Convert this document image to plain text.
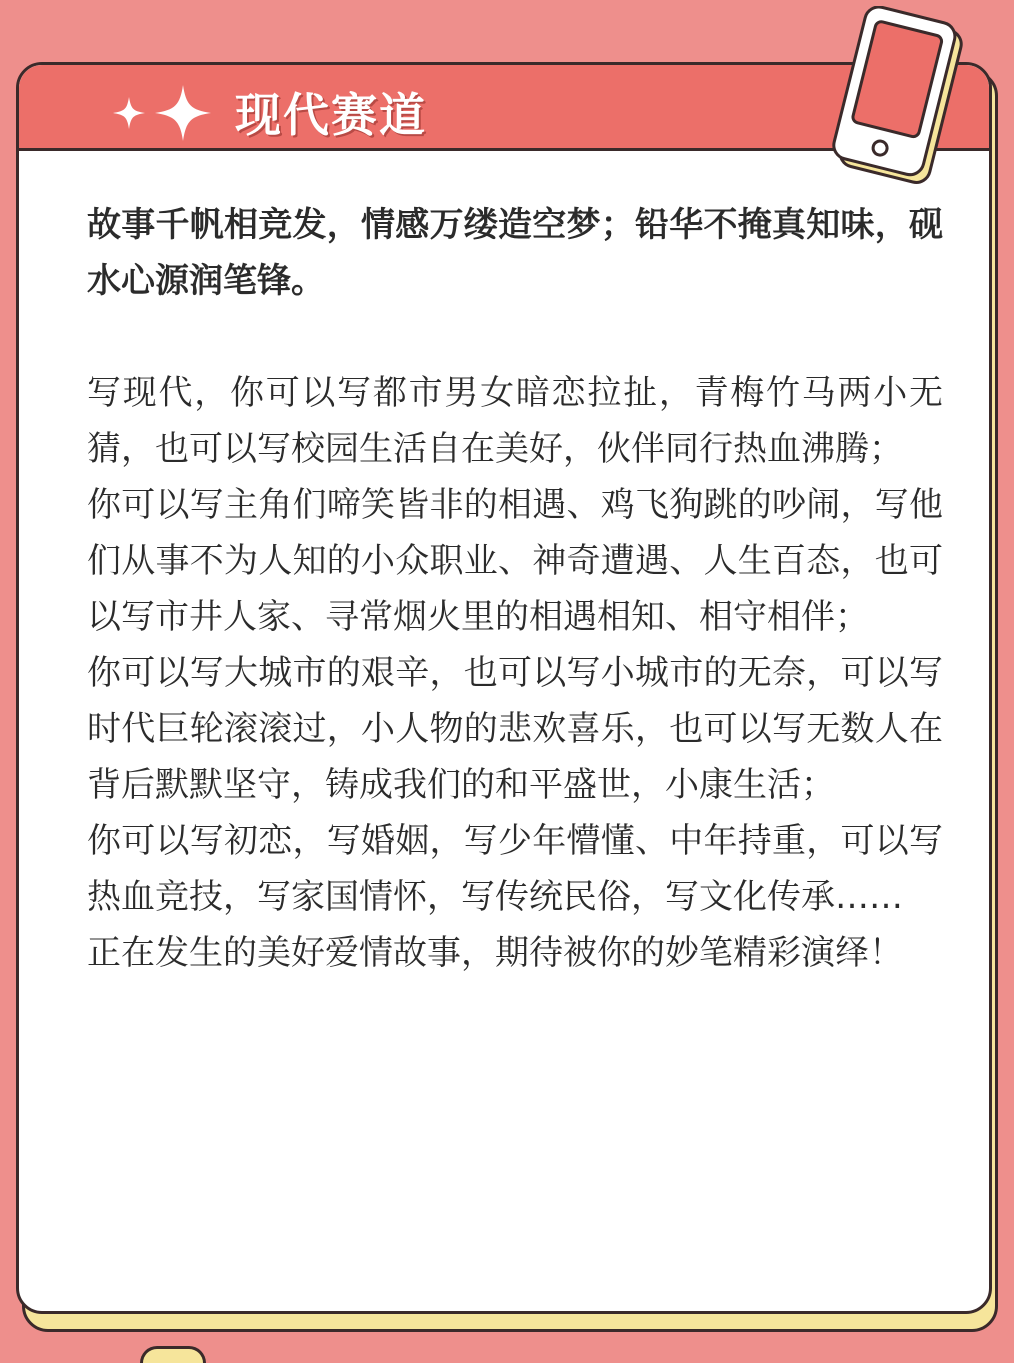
现代赛道

故事千帆相竞发，情感万缕造空梦；铅华不掩真知味，砚水心源润笔锋。

写现代，你可以写都市男女暗恋拉扯，青梅竹马两小无猜，也可以写校园生活自在美好，伙伴同行热血沸腾；

你可以写主角们啼笑皆非的相遇、鸡飞狗跳的吵闹，写他们从事不为人知的小众职业、神奇遭遇、人生百态，也可以写市井人家、寻常烟火里的相遇相知、相守相伴；

你可以写大城市的艰辛，也可以写小城市的无奈，可以写时代巨轮滚滚过，小人物的悲欢喜乐，也可以写无数人在背后默默坚守，铸成我们的和平盛世，小康生活；

你可以写初恋，写婚姻，写少年懵懂、中年持重，可以写热血竞技，写家国情怀，写传统民俗，写文化传承……

正在发生的美好爱情故事，期待被你的妙笔精彩演绎！
